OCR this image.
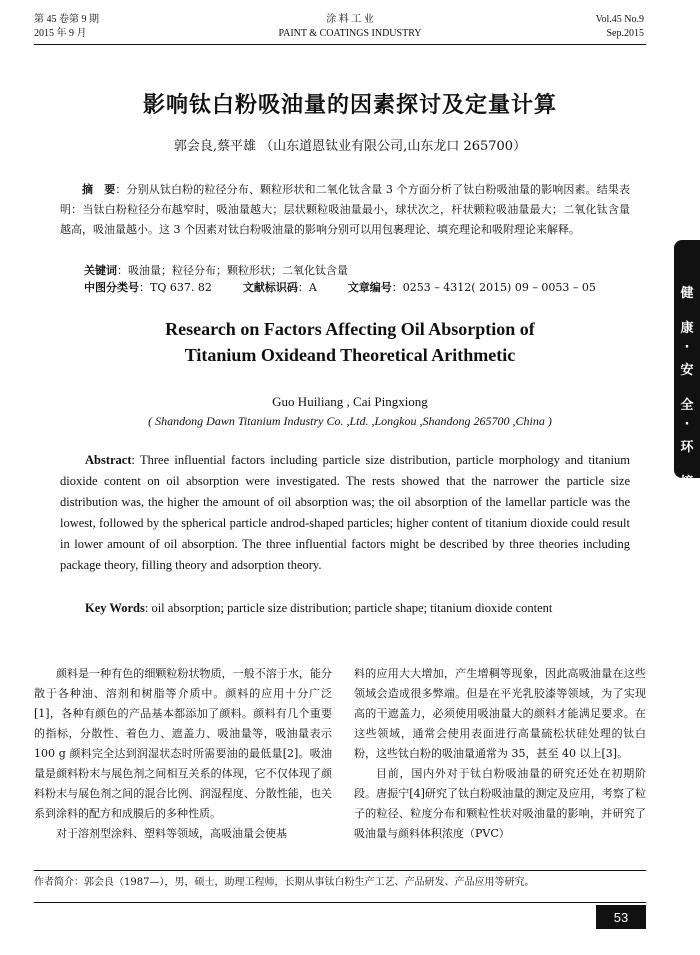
第 45 卷第 9 期
2015 年 9 月
涂 料 工 业
PAINT & COATINGS INDUSTRY
Vol.45 No.9
Sep.2015
影响钛白粉吸油量的因素探讨及定量计算
郭会良,蔡平雄 （山东道恩钛业有限公司,山东龙口 265700）
摘　要：分别从钛白粉的粒径分布、颗粒形状和二氧化钛含量 3 个方面分析了钛白粉吸油量的影响因素。结果表明：当钛白粉粒径分布越窄时，吸油量越大；层状颗粒吸油量最小，球状次之，杆状颗粒吸油量最大；二氧化钛含量越高，吸油量越小。这 3 个因素对钛白粉吸油量的影响分别可以用包裹理论、填充理论和吸附理论来解释。
关键词：吸油量；粒径分布；颗粒形状；二氧化钛含量
中图分类号：TQ 637. 82	文献标识码：A	文章编号：0253 – 4312( 2015) 09 – 0053 – 05
Research on Factors Affecting Oil Absorption of
Titanium Oxideand Theoretical Arithmetic
Guo Huiliang , Cai Pingxiong
( Shandong Dawn Titanium Industry Co. ,Ltd. ,Longkou ,Shandong 265700 ,China )
Abstract: Three influential factors including particle size distribution, particle morphology and titanium dioxide content on oil absorption were investigated. The rests showed that the narrower the particle size distribution was, the higher the amount of oil absorption was; the oil absorption of the lamellar particle was the lowest, followed by the spherical particle androd-shaped particles; higher content of titanium dioxide could result in lower amount of oil absorption. The three influential factors might be described by three theories including package theory, filling theory and adsorption theory.
Key Words: oil absorption; particle size distribution; particle shape; titanium dioxide content

颜料是一种有色的细颗粒粉状物质，一般不溶于水，能分散于各种油、溶剂和树脂等介质中。颜料的应用十分广泛[1]，各种有颜色的产品基本都添加了颜料。颜料有几个重要的指标，分散性、着色力、遮盖力、吸油量等，吸油量表示 100 g 颜料完全达到润湿状态时所需要油的最低量[2]。吸油量是颜料粉末与展色剂之间相互关系的体现，它不仅体现了颜料粉末与展色剂之间的混合比例、润湿程度、分散性能，也关系到涂料的配方和成膜后的多种性质。

对于溶剂型涂料、塑料等领域，高吸油量会使基

料的应用大大增加，产生增稠等现象，因此高吸油量在这些领域会造成很多弊端。但是在平光乳胶漆等领域，为了实现高的干遮盖力，必须使用吸油量大的颜料才能满足要求。在这些领域，通常会使用表面进行高量硫松状硅处理的钛白粉，这些钛白粉的吸油量通常为 35，甚至 40 以上[3]。

目前，国内外对于钛白粉吸油量的研究还处在初期阶段。唐振宁[4]研究了钛白粉吸油量的测定及应用，考察了粒子的粒径、粒度分布和颗粒性状对吸油量的影响，并研究了吸油量与颜料体积浓度（PVC）

作者简介：郭会良（1987—），男，硕士，助理工程师，长期从事钛白粉生产工艺、产品研发、产品应用等研究。
健
康
·
安
全
·
环
境
53
